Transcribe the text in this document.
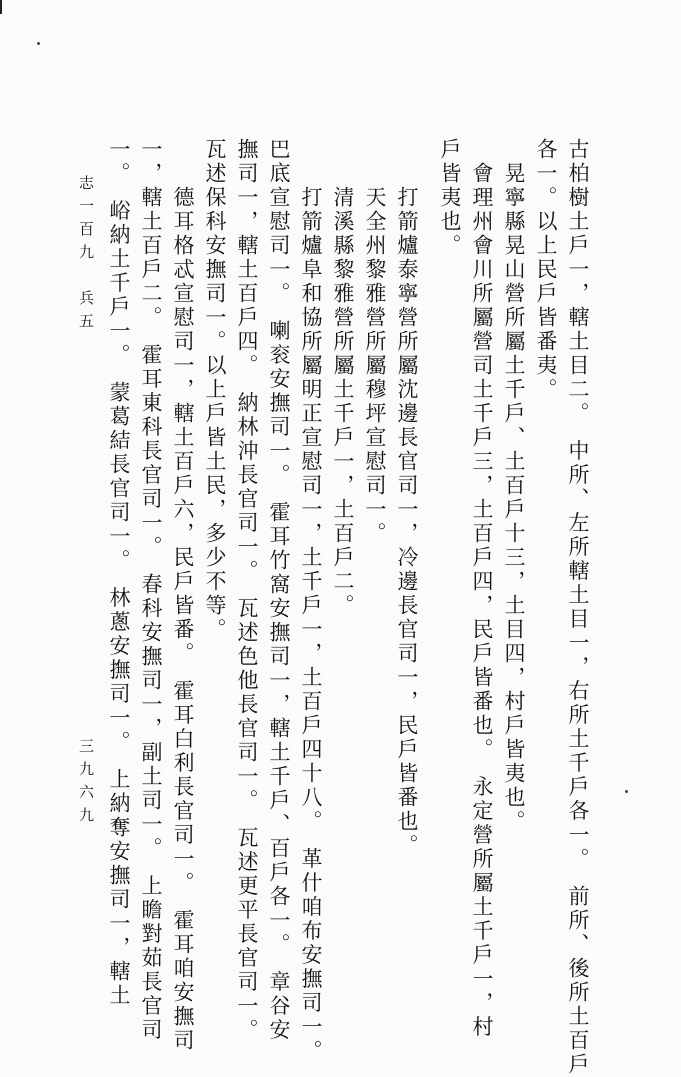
古柏樹土戶一，轄土目二。　中所、左所轄土目一，右所土千戶各一。　前所、後所土百戶
各一。以上民戶皆番夷。
　晃寧縣晃山營所屬土千戶、土百戶十三，土目四，村戶皆夷也。
　會理州會川所屬營司土千戶三，土百戶四，民戶皆番也。　永定營所屬土千戶一，村
戶皆夷也。
　打箭爐泰寧營所屬沈邊長官司一，冷邊長官司一，民戶皆番也。
　天全州黎雅營所屬穆坪宣慰司一。
　清溪縣黎雅營所屬土千戶一，土百戶二。
　打箭爐阜和協所屬明正宣慰司一，土千戶一，土百戶四十八。　革什咱布安撫司一。
巴底宣慰司一。　喇衮安撫司一。　霍耳竹窩安撫司一，轄土千戶、百戶各一。　章谷安
撫司一，轄土百戶四。　納林沖長官司一。　瓦述色他長官司一。　瓦述更平長官司一。
瓦述保科安撫司一。以上戶皆土民，多少不等。
　德耳格忒宣慰司一，轄土百戶六，民戶皆番。　霍耳白利長官司一。　霍耳咱安撫司
一，轄土百戶二。　霍耳東科長官司一。　春科安撫司一，副土司一。　上瞻對茹長官司
一。　峪納土千戶一。　蒙葛結長官司一。　林蔥安撫司一。　上納奪安撫司一，轄土
志一百九　兵五
三九六九
